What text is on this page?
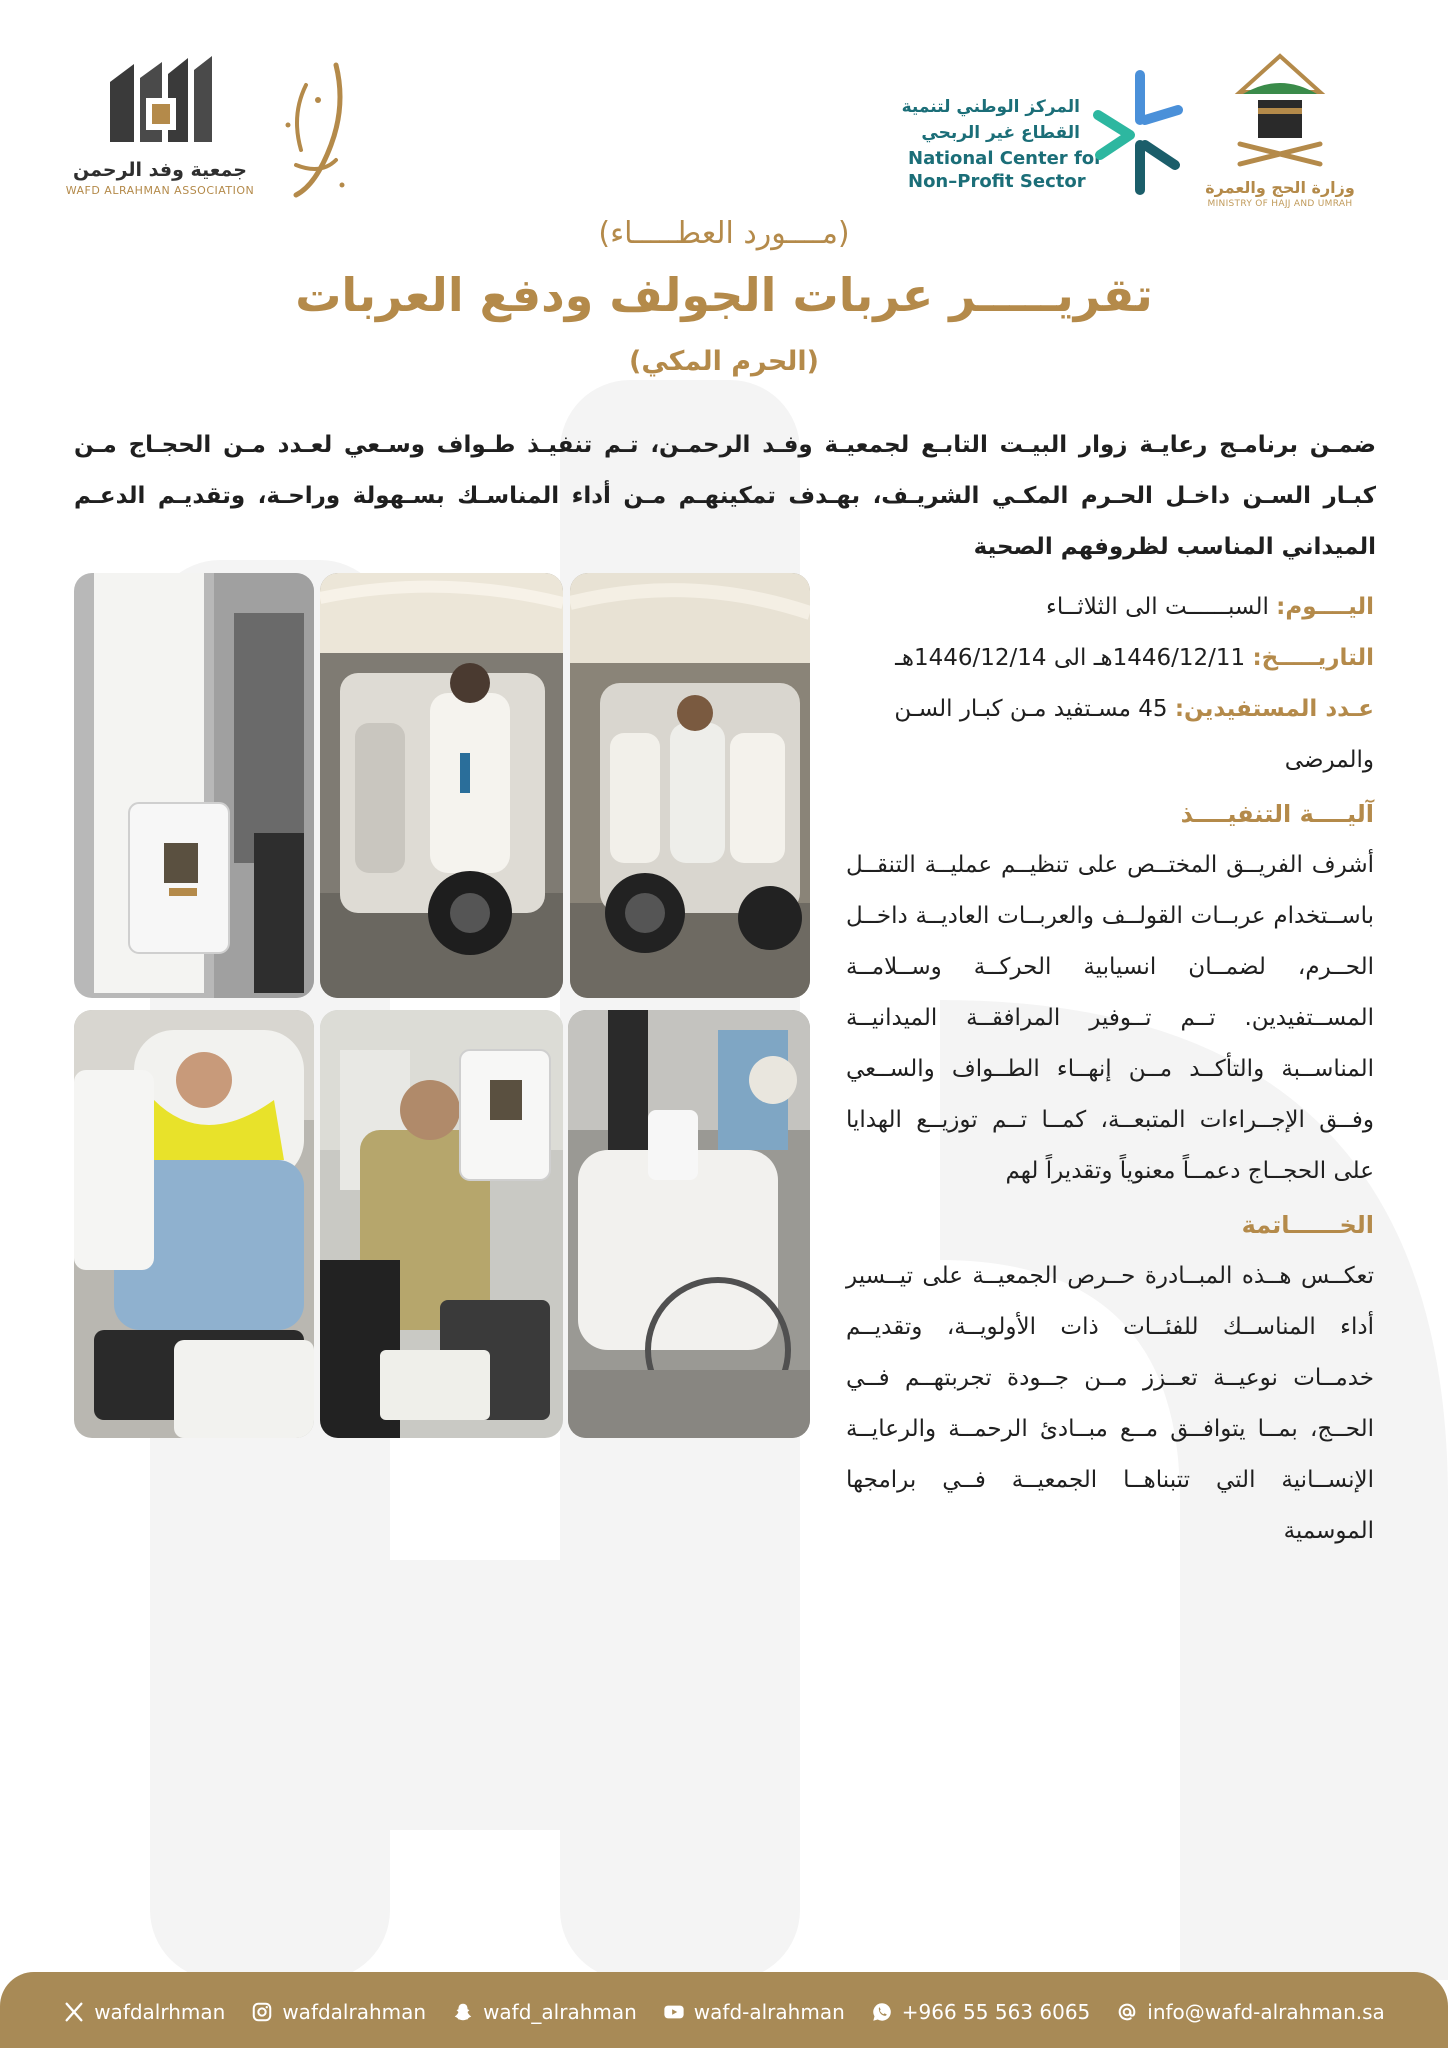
جمعية وفد الرحمن
WAFD ALRAHMAN ASSOCIATION
المركز الوطني لتنمية
القطاع غير الربحي
National Center for
Non–Profit Sector	وزارة الحج والعمرة
MINISTRY OF HAJJ AND UMRAH
(مــــورد العطـــــاء)
تقريـــــر عربات الجولف ودفع العربات
(الحرم المكي)
ضمـن برنامـج رعايـة زوار البيـت التابـع لجمعيـة وفـد الرحمـن، تـم تنفيـذ طـواف وسـعي لعـدد مـن الحجـاج مـن كبـار السـن داخـل الحـرم المكـي الشريـف، بهـدف تمكينهـم مـن أداء المناسـك بسـهولة وراحـة، وتقديـم الدعـم الميداني المناسب لظروفهم الصحية
اليــــوم: السبــــــت الى الثلاثــاء
التاريـــــخ: 1446/12/11هـ الى 1446/12/14هـ
عـدد المستفيدين: 45 مسـتفيد مـن كبـار السـن والمرضى
آليــــة التنفيــــذ
أشرف الفريــق المختــص على تنظيــم عمليــة التنقــل باســتخدام عربــات القولــف والعربــات العاديــة داخــل الحــرم، لضمــان انسيابية الحركــة وســلامــة المســتفيدين. تــم تــوفير المرافقــة الميدانيــة المناســبة والتأكــد مــن إنهــاء الطــواف والســعي وفــق الإجــراءات المتبعــة، كمــا تــم توزيــع الهدايا على الحجــاج دعمــاً معنوياً وتقديراً لهم
الخــــــاتمة
تعكــس هــذه المبــادرة حــرص الجمعيــة على تيــسير أداء المناســك للفئــات ذات الأولويــة، وتقديــم خدمــات نوعيــة تعــزز مــن جــودة تجربتهــم فــي الحــج، بمــا يتوافــق مــع مبــادئ الرحمــة والرعايــة الإنســانية التي تتبناهــا الجمعيــة فــي برامجها الموسمية
wafdalrhman	wafdalrahman	wafd_alrahman	wafd-alrahman	+966 55 563 6065	info@wafd-alrahman.sa
